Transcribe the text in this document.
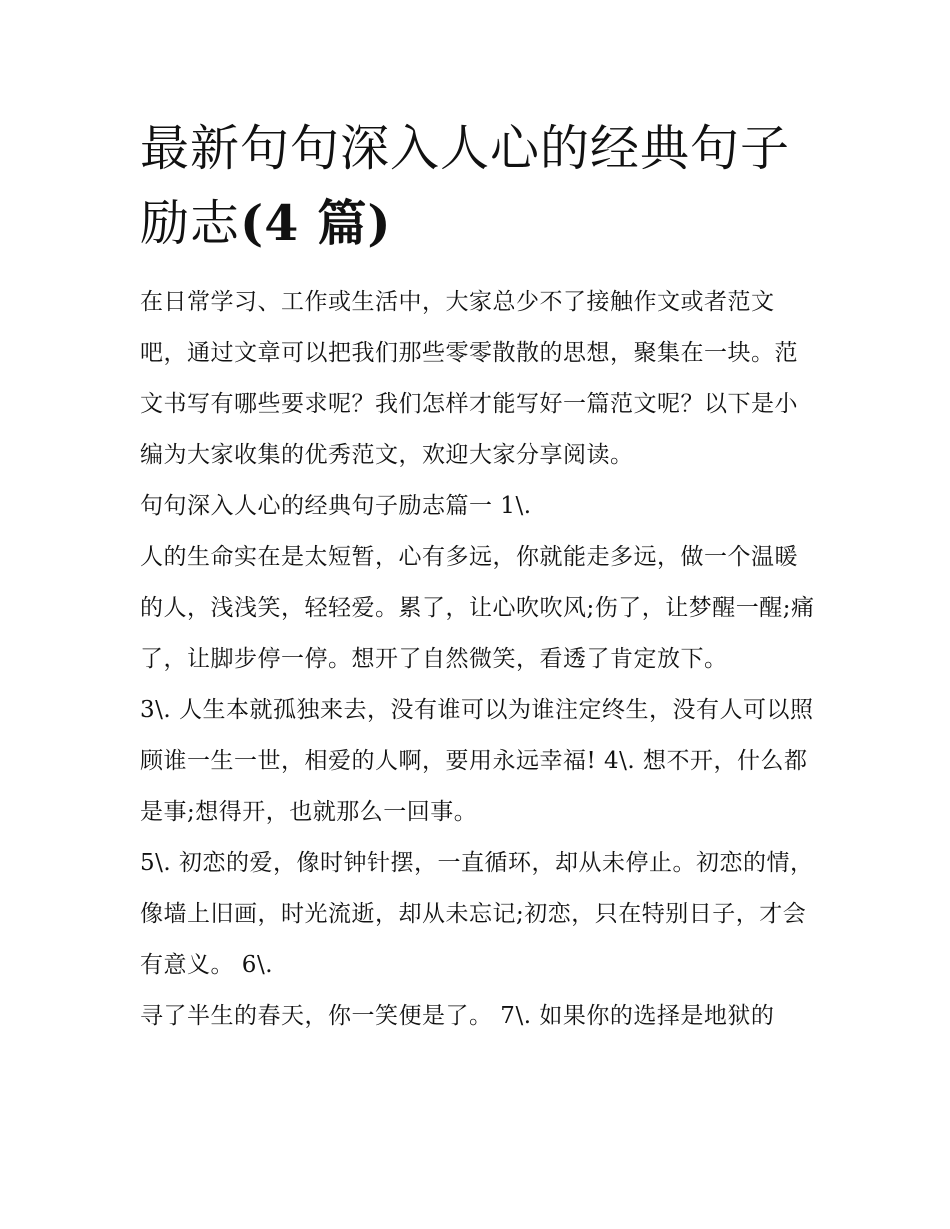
最新句句深入人心的经典句子励志(4 篇)

在日常学习、工作或生活中，大家总少不了接触作文或者范文吧，通过文章可以把我们那些零零散散的思想，聚集在一块。范文书写有哪些要求呢？我们怎样才能写好一篇范文呢？以下是小编为大家收集的优秀范文，欢迎大家分享阅读。

句句深入人心的经典句子励志篇一 1\.

人的生命实在是太短暂，心有多远，你就能走多远，做一个温暖的人，浅浅笑，轻轻爱。累了，让心吹吹风;伤了，让梦醒一醒;痛了，让脚步停一停。想开了自然微笑，看透了肯定放下。

3\. 人生本就孤独来去，没有谁可以为谁注定终生，没有人可以照顾谁一生一世，相爱的人啊，要用永远幸福! 4\. 想不开，什么都是事;想得开，也就那么一回事。

5\. 初恋的爱，像时钟针摆，一直循环，却从未停止。初恋的情，像墙上旧画，时光流逝，却从未忘记;初恋，只在特别日子，才会有意义。 6\.

寻了半生的春天，你一笑便是了。 7\. 如果你的选择是地狱的
